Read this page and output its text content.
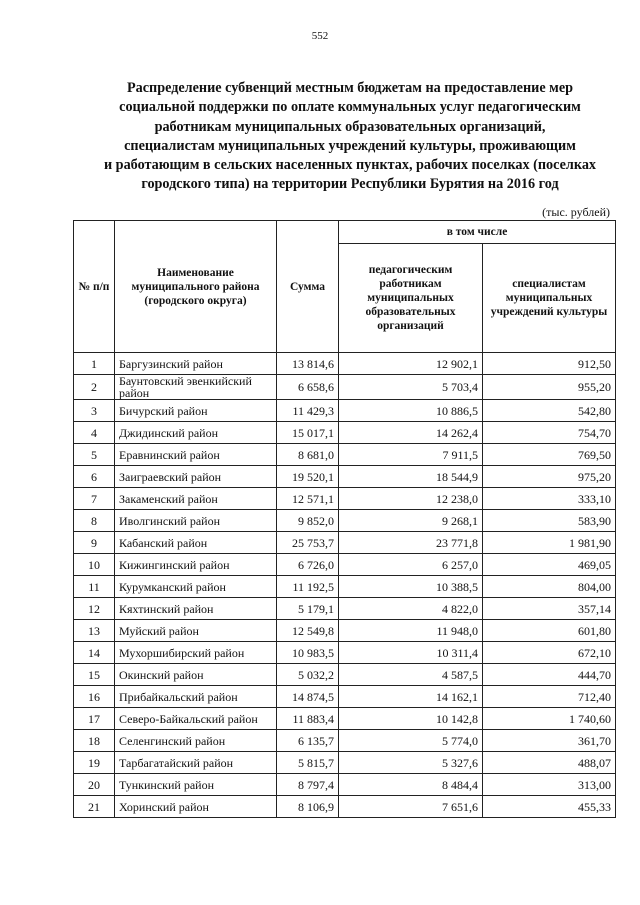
552
Распределение субвенций местным бюджетам на предоставление мер
социальной поддержки по оплате коммунальных услуг педагогическим
работникам муниципальных образовательных организаций,
специалистам муниципальных учреждений культуры, проживающим
и работающим в сельских населенных пунктах, рабочих поселках (поселках
городского типа) на территории Республики Бурятия на 2016 год
(тыс. рублей)
№ п/п	Наименование муниципального района (городского округа)	Сумма	в том числе	
			педагогическим работникам муниципальных образовательных организаций	специалистам муниципальных учреждений культуры
1	Баргузинский район	13 814,6	12 902,1	912,50
2	Баунтовский эвенкийский район	6 658,6	5 703,4	955,20
3	Бичурский район	11 429,3	10 886,5	542,80
4	Джидинский район	15 017,1	14 262,4	754,70
5	Еравнинский район	8 681,0	7 911,5	769,50
6	Заиграевский район	19 520,1	18 544,9	975,20
7	Закаменский район	12 571,1	12 238,0	333,10
8	Иволгинский район	9 852,0	9 268,1	583,90
9	Кабанский район	25 753,7	23 771,8	1 981,90
10	Кижингинский район	6 726,0	6 257,0	469,05
11	Курумканский район	11 192,5	10 388,5	804,00
12	Кяхтинский район	5 179,1	4 822,0	357,14
13	Муйский район	12 549,8	11 948,0	601,80
14	Мухоршибирский район	10 983,5	10 311,4	672,10
15	Окинский район	5 032,2	4 587,5	444,70
16	Прибайкальский район	14 874,5	14 162,1	712,40
17	Северо-Байкальский район	11 883,4	10 142,8	1 740,60
18	Селенгинский район	6 135,7	5 774,0	361,70
19	Тарбагатайский район	5 815,7	5 327,6	488,07
20	Тункинский район	8 797,4	8 484,4	313,00
21	Хоринский район	8 106,9	7 651,6	455,33
